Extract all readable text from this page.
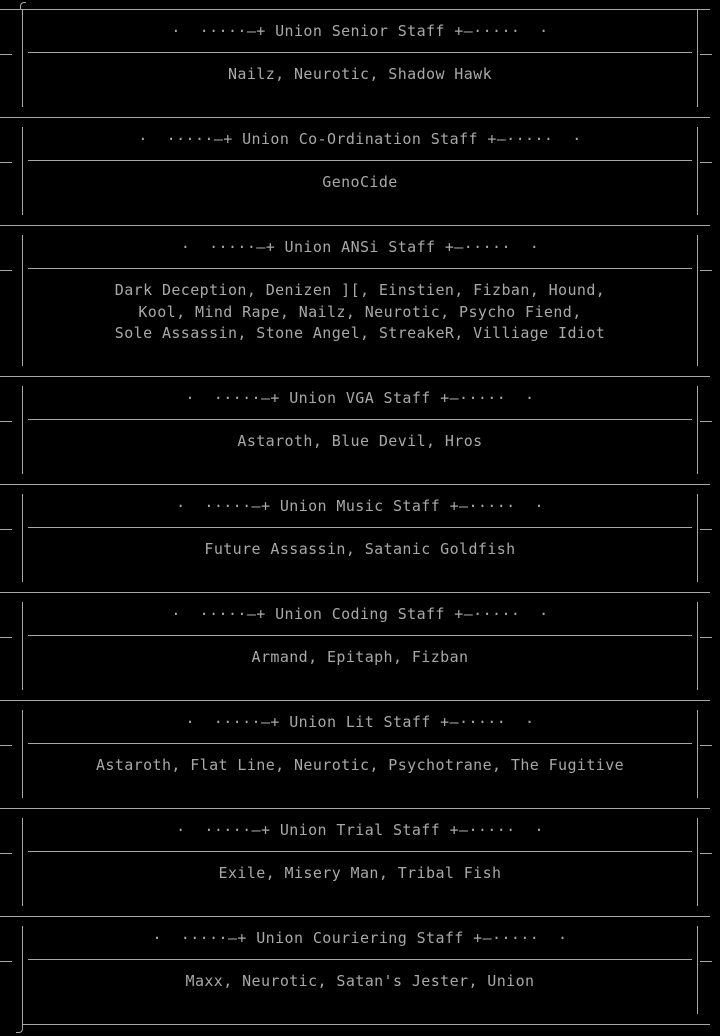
·  ·····—+ Union Senior Staff +—·····  ·
Nailz, Neurotic, Shadow Hawk
·  ·····—+ Union Co-Ordination Staff +—·····  ·
GenoCide
·  ·····—+ Union ANSi Staff +—·····  ·
Dark Deception, Denizen ][, Einstien, Fizban, Hound,
Kool, Mind Rape, Nailz, Neurotic, Psycho Fiend,
Sole Assassin, Stone Angel, StreakeR, Villiage Idiot
·  ·····—+ Union VGA Staff +—·····  ·
Astaroth, Blue Devil, Hros
·  ·····—+ Union Music Staff +—·····  ·
Future Assassin, Satanic Goldfish
·  ·····—+ Union Coding Staff +—·····  ·
Armand, Epitaph, Fizban
·  ·····—+ Union Lit Staff +—·····  ·
Astaroth, Flat Line, Neurotic, Psychotrane, The Fugitive
·  ·····—+ Union Trial Staff +—·····  ·
Exile, Misery Man, Tribal Fish
·  ·····—+ Union Couriering Staff +—·····  ·
Maxx, Neurotic, Satan's Jester, Union
